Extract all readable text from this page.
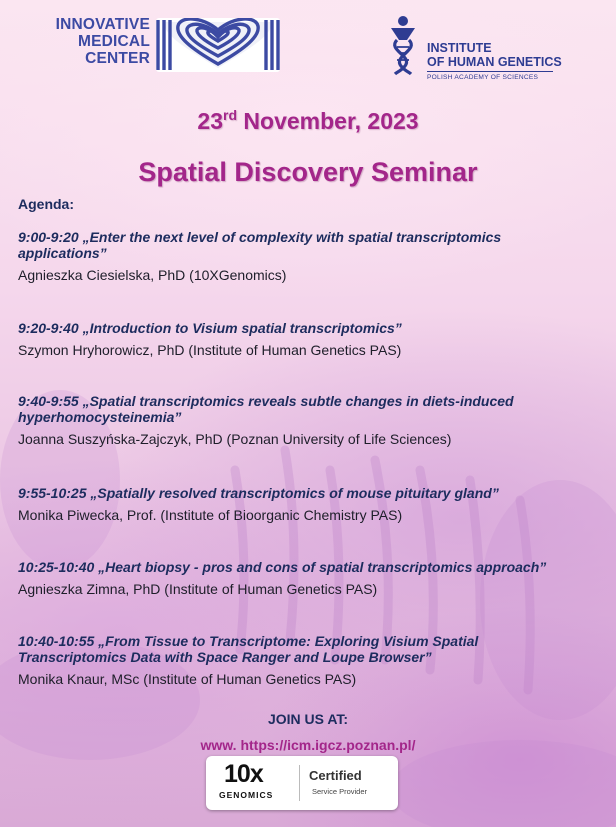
INNOVATIVE
MEDICAL
CENTER
INSTITUTE
OF HUMAN GENETICS
POLISH ACADEMY OF SCIENCES
23rd November, 2023
Spatial Discovery Seminar
Agenda:
9:00-9:20 „Enter the next level of complexity with spatial transcriptomics
applications”
Agnieszka Ciesielska, PhD (10XGenomics)
9:20-9:40 „Introduction to Visium spatial transcriptomics”
Szymon Hryhorowicz, PhD (Institute of Human Genetics PAS)
9:40-9:55 „Spatial transcriptomics reveals subtle changes in diets-induced
hyperhomocysteinemia”
Joanna Suszyńska-Zajczyk, PhD (Poznan University of Life Sciences)
9:55-10:25 „Spatially resolved transcriptomics of mouse pituitary gland”
Monika Piwecka, Prof. (Institute of Bioorganic Chemistry PAS)
10:25-10:40 „Heart biopsy - pros and cons of spatial transcriptomics approach”
Agnieszka Zimna, PhD (Institute of Human Genetics PAS)
10:40-10:55 „From Tissue to Transcriptome: Exploring Visium Spatial
Transcriptomics Data with Space Ranger and Loupe Browser”
Monika Knaur, MSc (Institute of Human Genetics PAS)
JOIN US AT:
www. https://icm.igcz.poznan.pl/
10x
GENOMICS
Certified
Service Provider
